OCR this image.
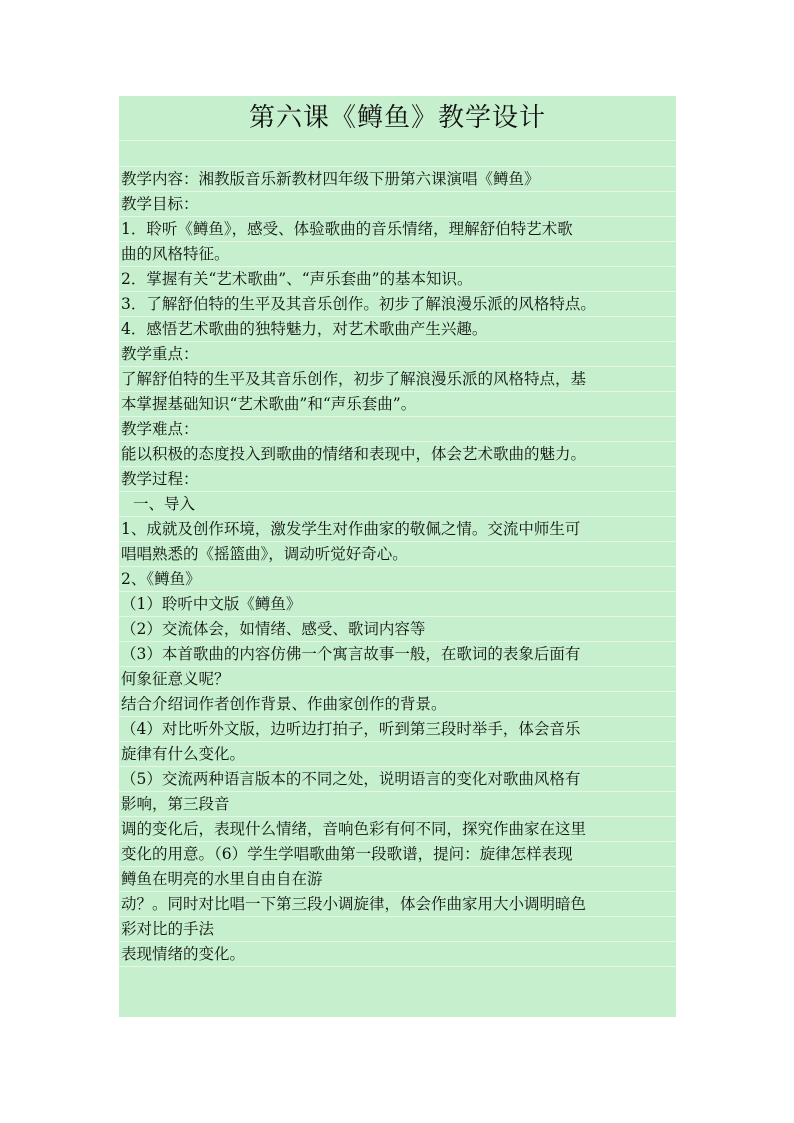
第六课《鳟鱼》教学设计
教学内容：湘教版音乐新教材四年级下册第六课演唱《鳟鱼》
教学目标：
1．聆听《鳟鱼》，感受、体验歌曲的音乐情绪，理解舒伯特艺术歌
曲的风格特征。
2．掌握有关“艺术歌曲”、“声乐套曲”的基本知识。
3．了解舒伯特的生平及其音乐创作。初步了解浪漫乐派的风格特点。
4．感悟艺术歌曲的独特魅力，对艺术歌曲产生兴趣。
教学重点：
了解舒伯特的生平及其音乐创作，初步了解浪漫乐派的风格特点，基
本掌握基础知识“艺术歌曲”和“声乐套曲”。
教学难点：
能以积极的态度投入到歌曲的情绪和表现中，体会艺术歌曲的魅力。
教学过程：
一、导入
1、成就及创作环境，激发学生对作曲家的敬佩之情。交流中师生可
唱唱熟悉的《摇篮曲》，调动听觉好奇心。
2、《鳟鱼》
（1）聆听中文版《鳟鱼》
（2）交流体会，如情绪、感受、歌词内容等
（3）本首歌曲的内容仿佛一个寓言故事一般，在歌词的表象后面有
何象征意义呢？
结合介绍词作者创作背景、作曲家创作的背景。
（4）对比听外文版，边听边打拍子，听到第三段时举手，体会音乐
旋律有什么变化。
（5）交流两种语言版本的不同之处，说明语言的变化对歌曲风格有
影响，第三段音
调的变化后，表现什么情绪，音响色彩有何不同，探究作曲家在这里
变化的用意。（6）学生学唱歌曲第一段歌谱，提问：旋律怎样表现
鳟鱼在明亮的水里自由自在游
动？。同时对比唱一下第三段小调旋律，体会作曲家用大小调明暗色
彩对比的手法
表现情绪的变化。
